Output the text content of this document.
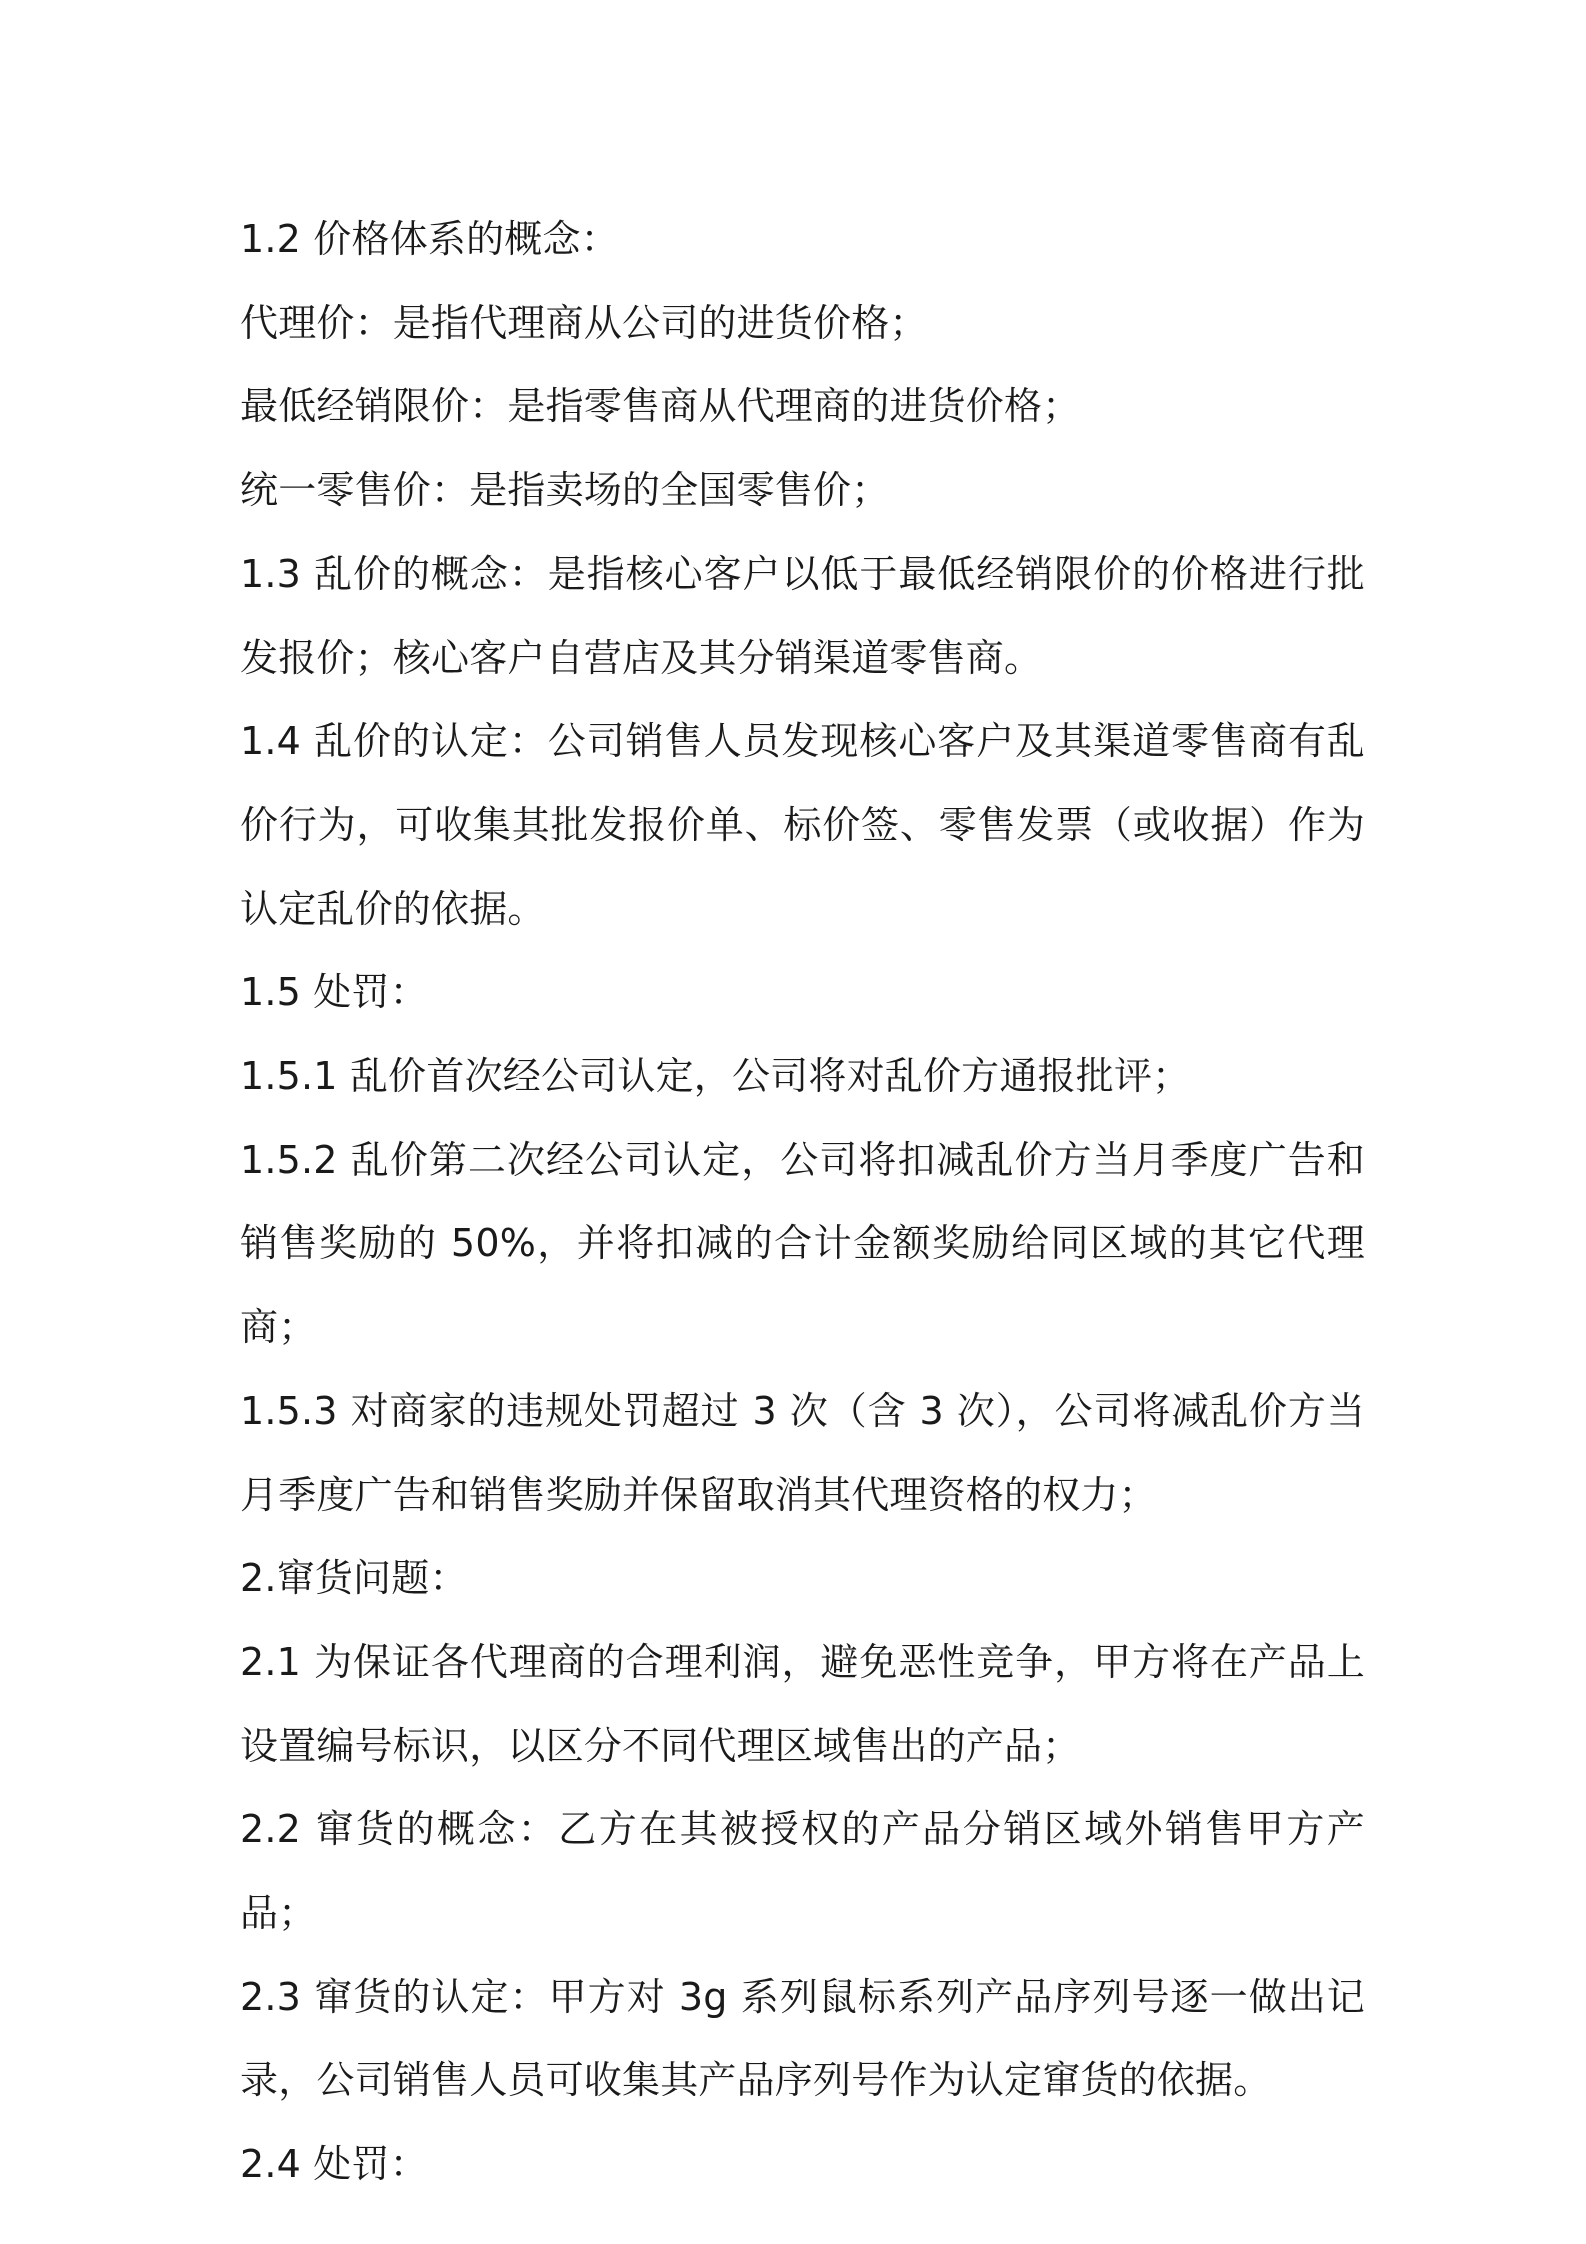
1.2 价格体系的概念：

代理价：是指代理商从公司的进货价格；

最低经销限价：是指零售商从代理商的进货价格；

统一零售价：是指卖场的全国零售价；

1.3 乱价的概念：是指核心客户以低于最低经销限价的价格进行批发报价；核心客户自营店及其分销渠道零售商。

1.4 乱价的认定：公司销售人员发现核心客户及其渠道零售商有乱价行为，可收集其批发报价单、标价签、零售发票（或收据）作为认定乱价的依据。

1.5 处罚：

1.5.1 乱价首次经公司认定，公司将对乱价方通报批评；

1.5.2 乱价第二次经公司认定，公司将扣减乱价方当月季度广告和销售奖励的 50%，并将扣减的合计金额奖励给同区域的其它代理商；

1.5.3 对商家的违规处罚超过 3 次（含 3 次），公司将减乱价方当月季度广告和销售奖励并保留取消其代理资格的权力；

2.窜货问题：

2.1 为保证各代理商的合理利润，避免恶性竞争，甲方将在产品上设置编号标识，以区分不同代理区域售出的产品；

2.2 窜货的概念：乙方在其被授权的产品分销区域外销售甲方产品；

2.3 窜货的认定：甲方对 3g 系列鼠标系列产品序列号逐一做出记录，公司销售人员可收集其产品序列号作为认定窜货的依据。

2.4 处罚：
